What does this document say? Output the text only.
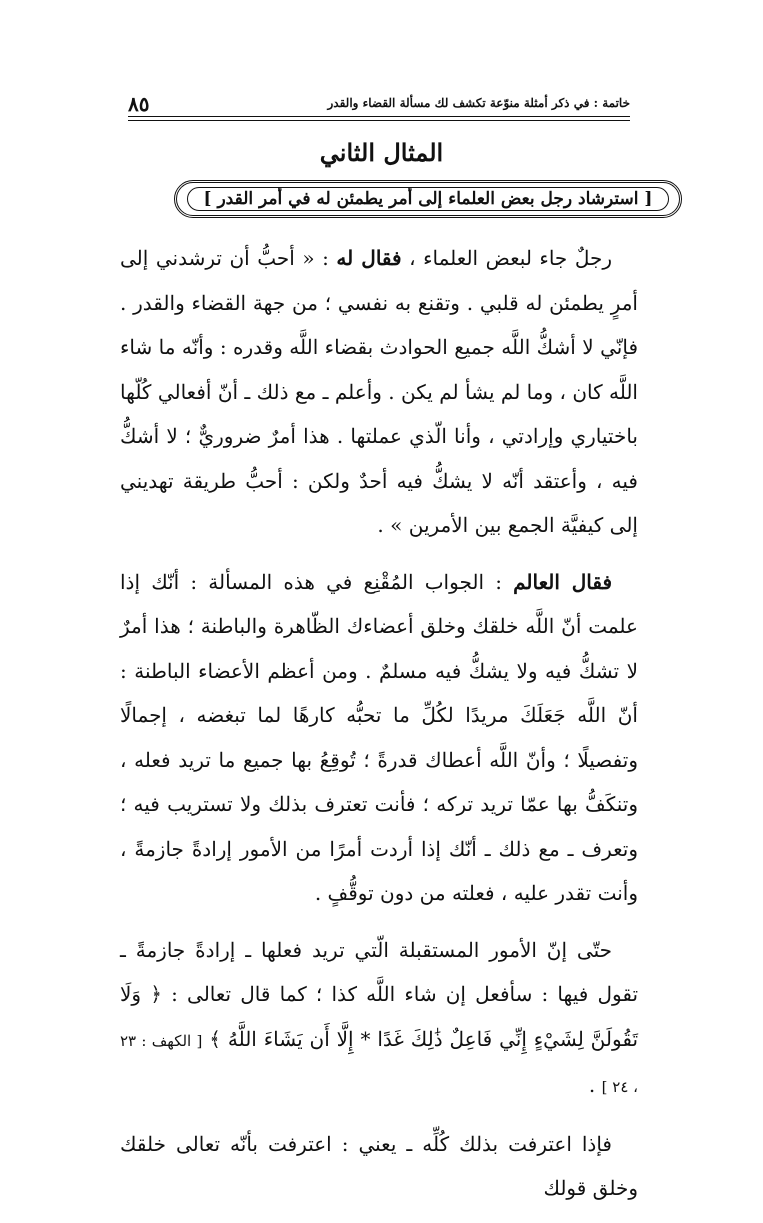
٨٥	خاتمة : في ذكر أمثلة منوّعة تكشف لك مسألة القضاء والقدر
المثال الثاني
[ استرشاد رجل بعض العلماء إلى أمر يطمئن له في أمر القدر ]

رجلٌ جاء لبعض العلماء ، فقال له : « أحبُّ أن ترشدني إلى أمرٍ يطمئن له قلبي . وتقنع به نفسي ؛ من جهة القضاء والقدر . فإنّي لا أشكُّ اللَّه جميع الحوادث بقضاء اللَّه وقدره : وأنّه ما شاء اللَّه كان ، وما لم يشأ لم يكن . وأعلم ـ مع ذلك ـ أنّ أفعالي كُلّها باختياري وإرادتي ، وأنا الّذي عملتها . هذا أمرٌ ضروريٌّ ؛ لا أشكُّ فيه ، وأعتقد أنّه لا يشكُّ فيه أحدٌ ولكن : أحبُّ طريقة تهديني إلى كيفيَّة الجمع بين الأمرين » .

فقال العالم : الجواب المُقْنِع في هذه المسألة : أنّك إذا علمت أنّ اللَّه خلقك وخلق أعضاءك الظّاهرة والباطنة ؛ هذا أمرٌ لا تشكُّ فيه ولا يشكُّ فيه مسلمٌ . ومن أعظم الأعضاء الباطنة : أنّ اللَّه جَعَلَكَ مريدًا لكُلِّ ما تحبُّه كارهًا لما تبغضه ، إجمالًا وتفصيلًا ؛ وأنّ اللَّه أعطاك قدرةً ؛ تُوقِعُ بها جميع ما تريد فعله ، وتنكَفُّ بها عمّا تريد تركه ؛ فأنت تعترف بذلك ولا تستريب فيه ؛ وتعرف ـ مع ذلك ـ أنّك إذا أردت أمرًا من الأمور إرادةً جازمةً ، وأنت تقدر عليه ، فعلته من دون توقُّفٍ .

حتّى إنّ الأمور المستقبلة الّتي تريد فعلها ـ إرادةً جازمةً ـ تقول فيها : سأفعل إن شاء اللَّه كذا ؛ كما قال تعالى : ﴿ وَلَا تَقُولَنَّ لِشَيْءٍ إِنِّي فَاعِلٌ ذَٰلِكَ غَدًا * إِلَّا أَن يَشَاءَ اللَّهُ ﴾ [ الكهف : ٢٣ ، ٢٤ ] .

فإذا اعترفت بذلك كُلِّه ـ يعني : اعترفت بأنّه تعالى خلقك وخلق قولك
